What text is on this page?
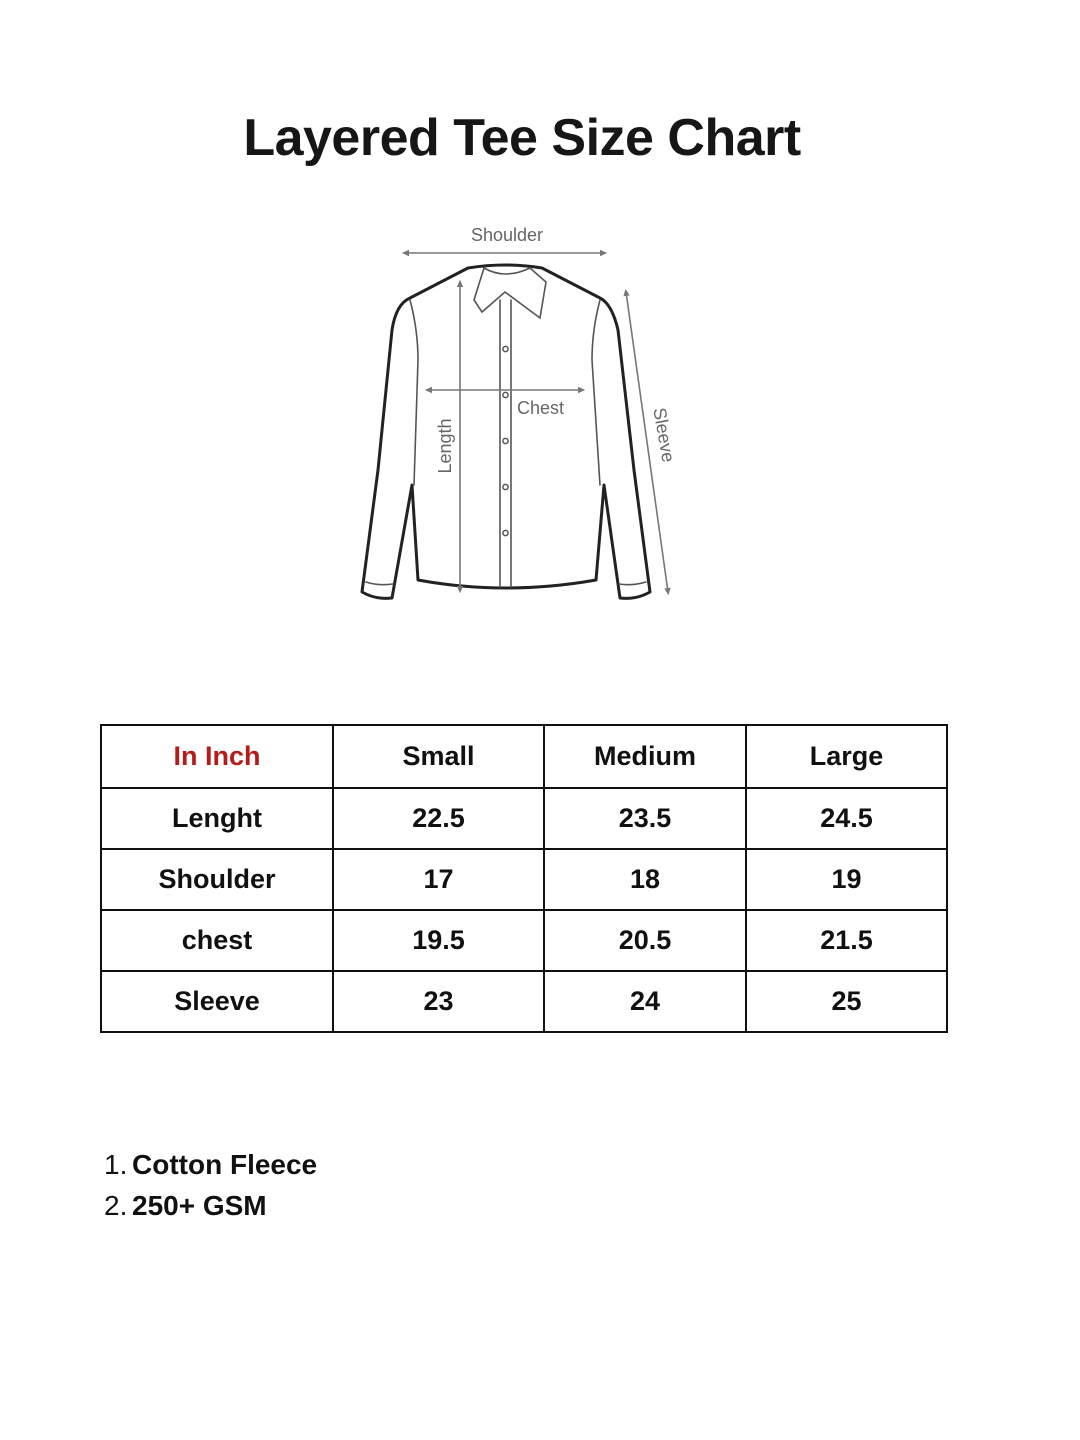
Layered Tee Size Chart
Shoulder
Chest
Length	Sleeve
In Inch	Small	Medium	Large
Lenght	22.5	23.5	24.5
Shoulder	17	18	19
chest	19.5	20.5	21.5
Sleeve	23	24	25
1. Cotton Fleece
2. 250+ GSM
